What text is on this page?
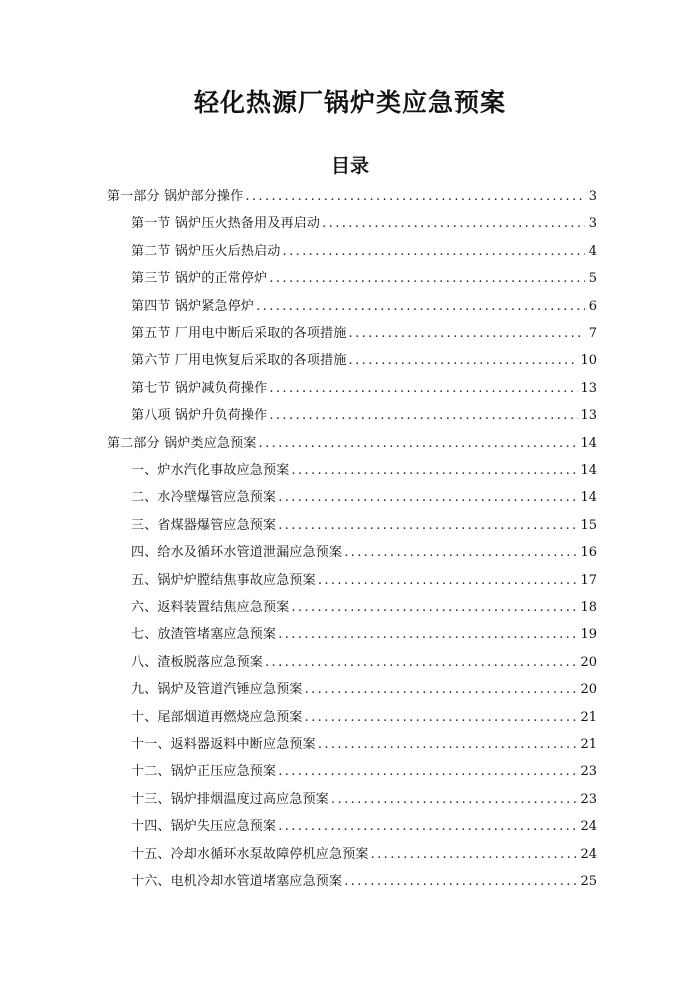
轻化热源厂锅炉类应急预案
目录
第一部分 锅炉部分操作 .....	3
第一节 锅炉压火热备用及再启动 .....	3
第二节 锅炉压火后热启动 .....	4
第三节 锅炉的正常停炉 .....	5
第四节 锅炉紧急停炉 .....	6
第五节 厂用电中断后采取的各项措施 .....	7
第六节 厂用电恢复后采取的各项措施 .....	10
第七节 锅炉减负荷操作 .....	13
第八项 锅炉升负荷操作 .....	13
第二部分 锅炉类应急预案 .....	14
一、炉水汽化事故应急预案 .....	14
二、水冷壁爆管应急预案 .....	14
三、省煤器爆管应急预案 .....	15
四、给水及循环水管道泄漏应急预案 .....	16
五、锅炉炉膛结焦事故应急预案 .....	17
六、返料装置结焦应急预案 .....	18
七、放渣管堵塞应急预案 .....	19
八、渣板脱落应急预案 .....	20
九、锅炉及管道汽锤应急预案 .....	20
十、尾部烟道再燃烧应急预案 .....	21
十一、返料器返料中断应急预案 .....	21
十二、锅炉正压应急预案 .....	23
十三、锅炉排烟温度过高应急预案 .....	23
十四、锅炉失压应急预案 .....	24
十五、冷却水循环水泵故障停机应急预案 .....	24
十六、电机冷却水管道堵塞应急预案 .....	25
